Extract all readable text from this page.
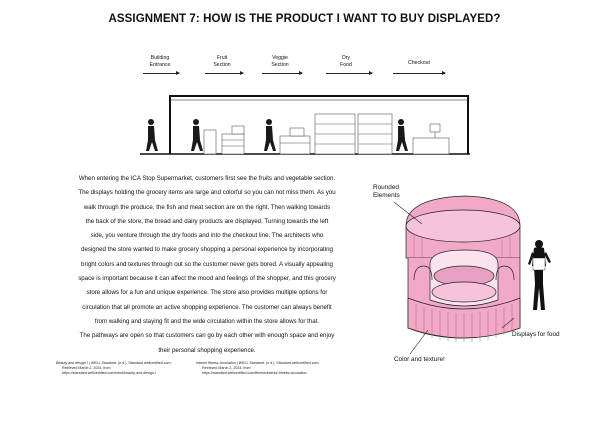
ASSIGNMENT 7: HOW IS THE PRODUCT I WANT TO BUY DISPLAYED?
Building
Entrance
Fruit
Section
Veggie
Section
Dry
Food	Checkout

When entering the ICA Stop Supermarket, customers first see the fruits and vegetable section.

The displays holding the grocery items are large and colorful so you can not miss them. As you

walk through the produce, the fish and meat section are on the right. Then walking towards

the back of the store, the bread and dairy products are displayed. Turning towards the left

side, you venture through the dry foods and into the checkout line. The architects who

designed the store wanted to make grocery shopping a personal experience by incorporating

bright colors and textures through out so the customer never gets bored. A visually appealing

space is important because it can affect the mood and feelings of the shopper, and this grocery

store allows for a fun and unique experience. The store also provides multiple options for

circulation that all promote an active shopping experience. The customer can always benefit

from walking and staying fit and the wide circulation within the store allows for that.

The pathways are open so that customers can go by each other with enough space and enjoy

their personal shopping experience.

Beauty and design I | WELL Standard. (n.d.). Standard.wellcertified.com.
Retrieved March 2, 2024, from
https://standard.wellcertified.com/mind/beauty-and-design-i
Interior fitness circulation | WELL Standard. (n.d.). Standard.wellcertified.com.
Retrieved March 2, 2024, from
https://standard.wellcertified.com/fitness/interior-fitness-circulation
Rounded
Elements
Displays for food
Color and texture!
